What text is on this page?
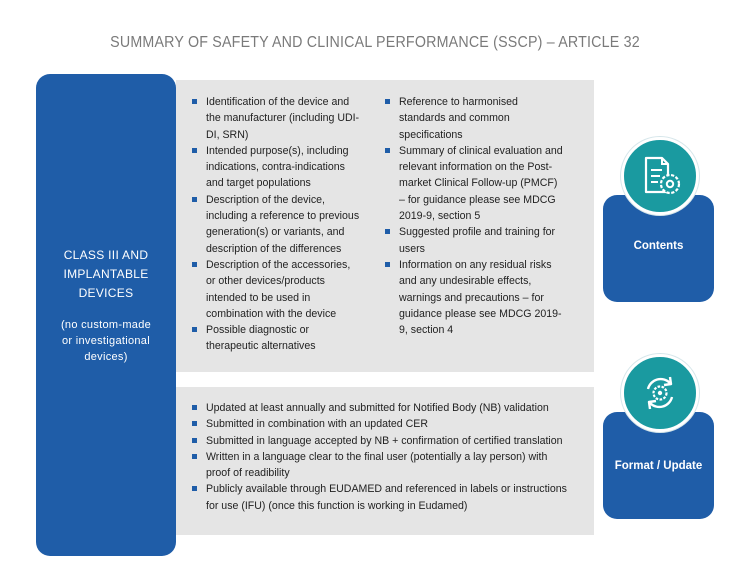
SUMMARY OF SAFETY AND CLINICAL PERFORMANCE (SSCP) – ARTICLE 32
CLASS III AND
IMPLANTABLE
DEVICES
(no custom-made
or investigational
devices)
Identification of the device and the manufacturer (including UDI-DI, SRN)
Intended purpose(s), including indications, contra-indications and target populations
Description of the device, including a reference to previous generation(s) or variants, and description of the differences
Description of the accessories, or other devices/products intended to be used in combination with the device
Possible diagnostic or therapeutic alternatives
Reference to harmonised standards and common specifications
Summary of clinical evaluation and relevant information on the Post-market Clinical Follow-up (PMCF) – for guidance please see MDCG 2019-9, section 5
Suggested profile and training for users
Information on any residual risks and any undesirable effects, warnings and precautions – for guidance please see MDCG 2019-9, section 4
Contents
Updated at least annually and submitted for Notified Body (NB) validation
Submitted in combination with an updated CER
Submitted in language accepted by NB + confirmation of certified translation
Written in a language clear to the final user (potentially a lay person) with proof of readibility
Publicly available through EUDAMED and referenced in labels or instructions for use (IFU) (once this function is working in Eudamed)
Format / Update
